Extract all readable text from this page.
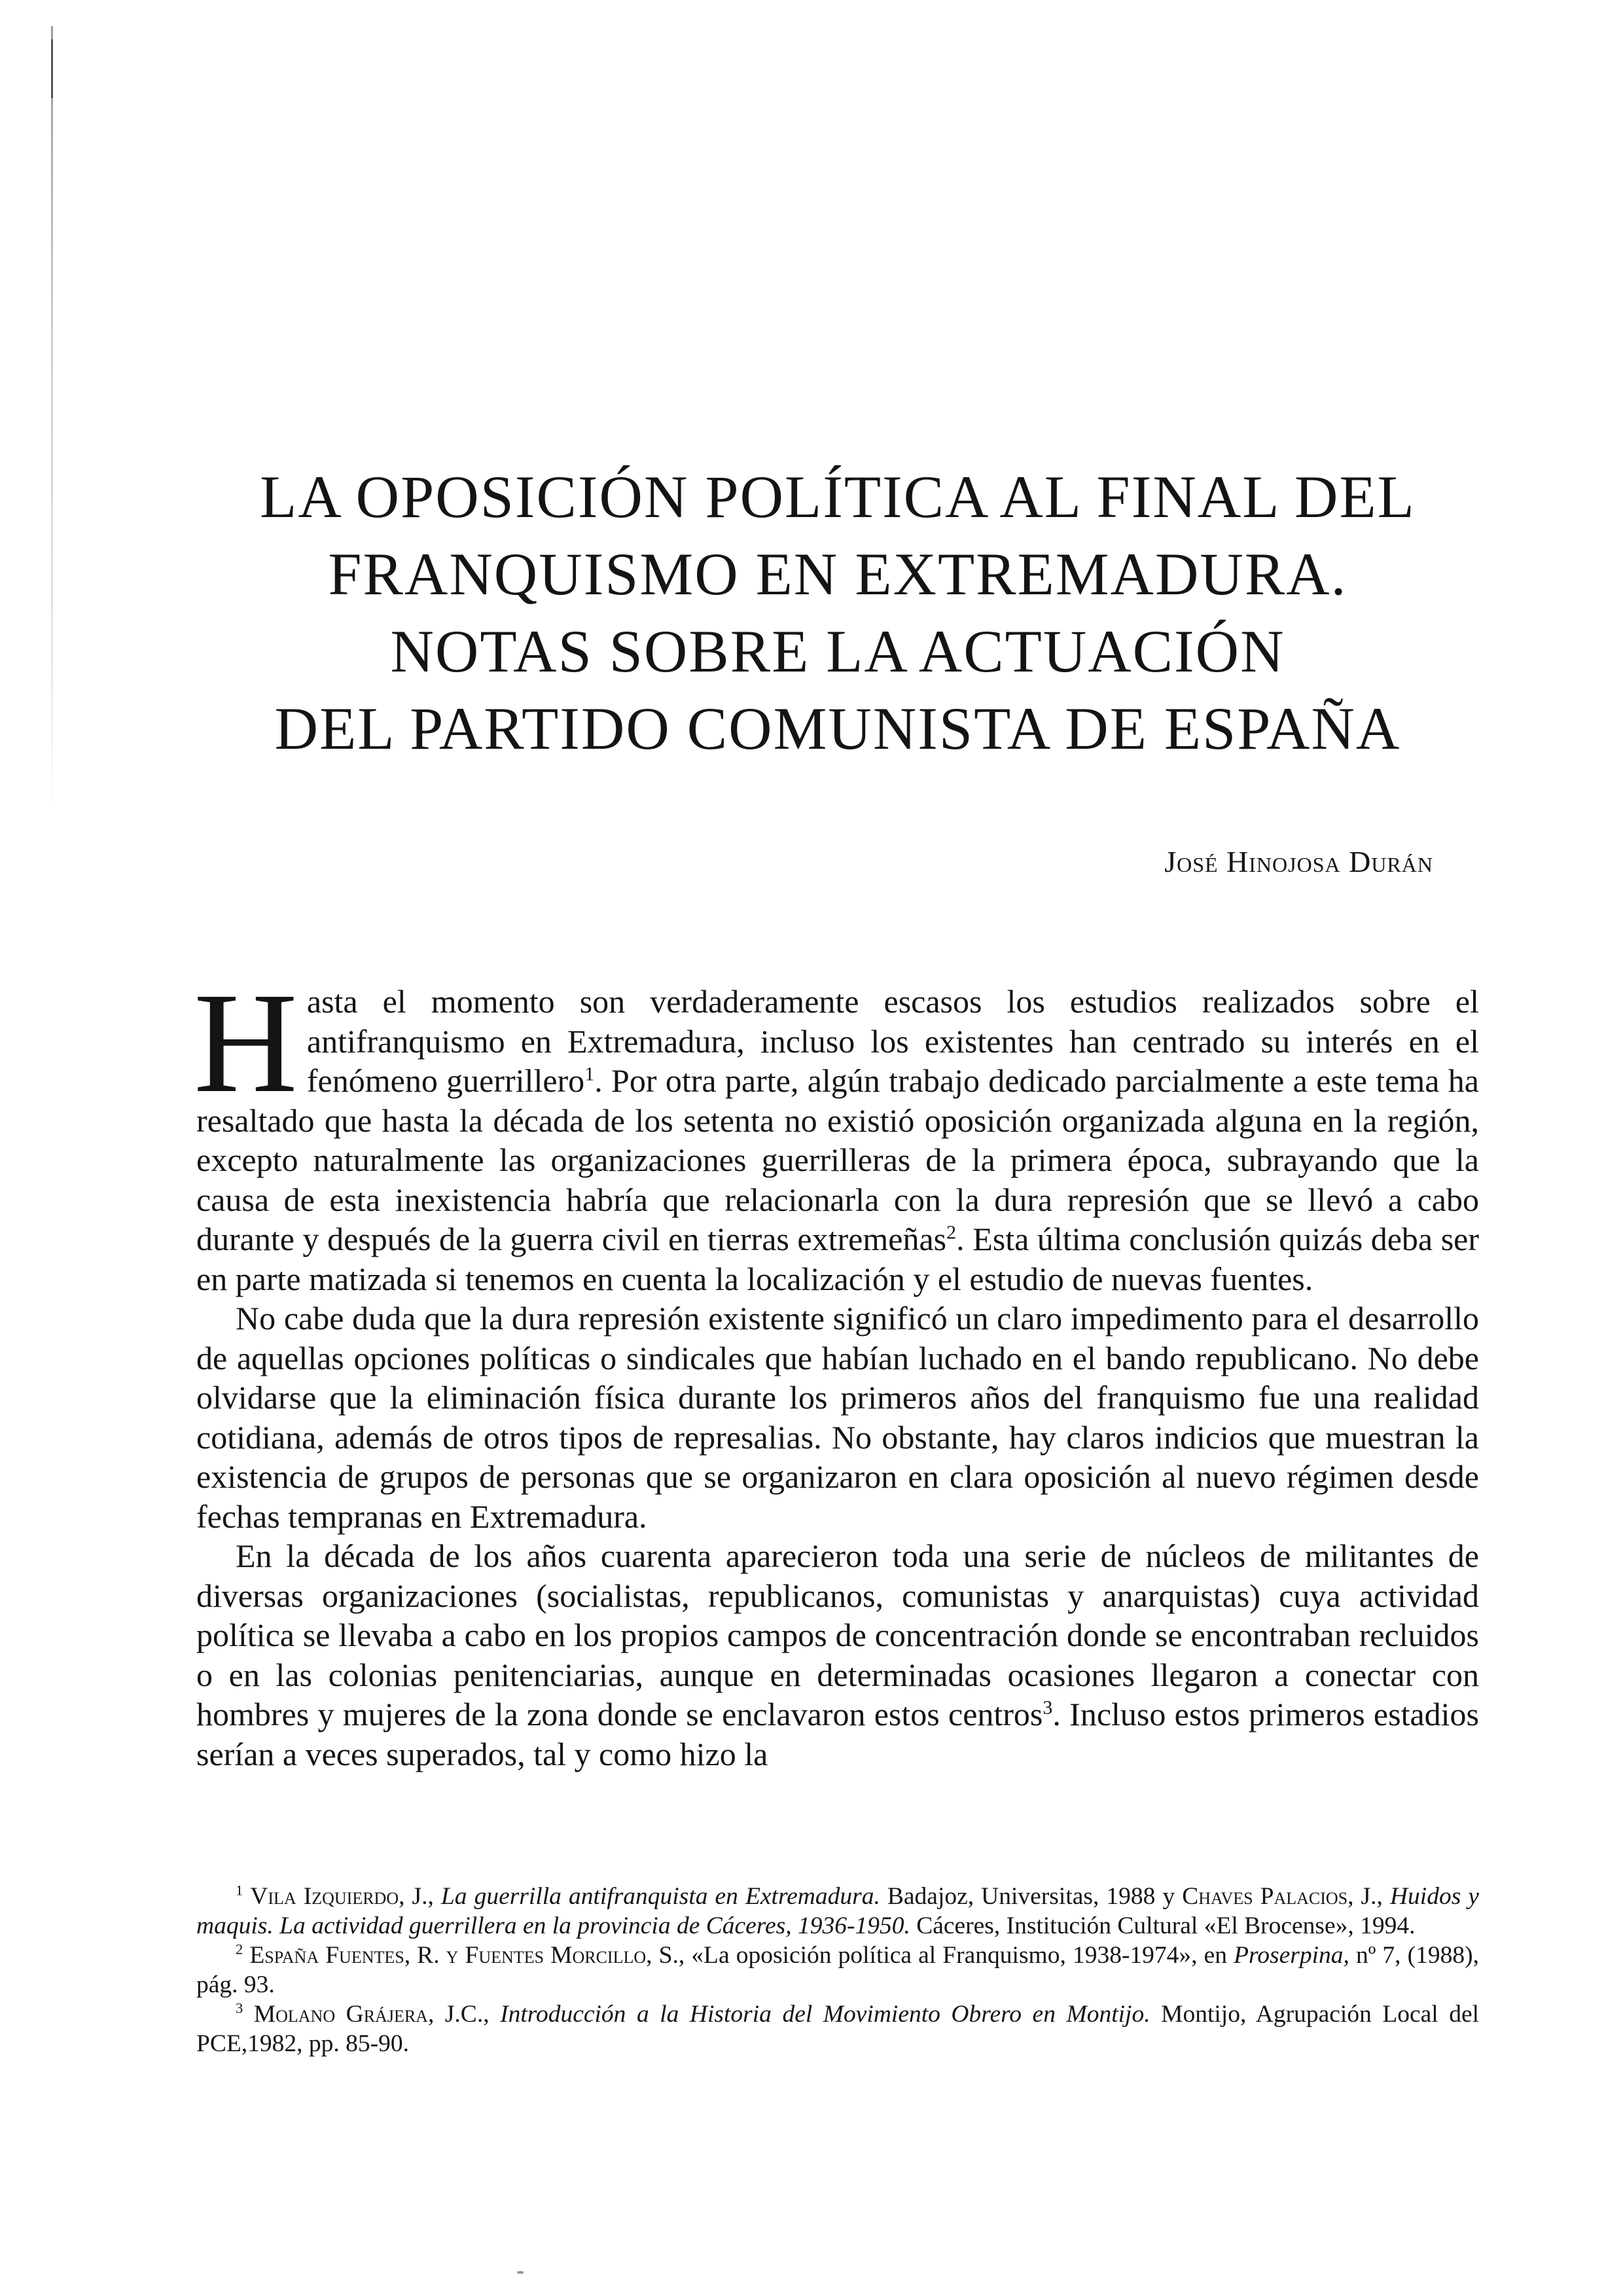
LA OPOSICIÓN POLÍTICA AL FINAL DEL
FRANQUISMO EN EXTREMADURA.
NOTAS SOBRE LA ACTUACIÓN
DEL PARTIDO COMUNISTA DE ESPAÑA

José Hinojosa Durán

Hasta el momento son verdaderamente escasos los estudios realizados sobre el antifranquismo en Extremadura, incluso los existentes han centrado su interés en el fenómeno guerrillero$^1$. Por otra parte, algún trabajo dedicado parcialmente a este tema ha resaltado que hasta la década de los setenta no existió oposición organizada alguna en la región, excepto naturalmente las organizaciones guerrilleras de la primera época, subrayando que la causa de esta inexistencia habría que relacionarla con la dura represión que se llevó a cabo durante y después de la guerra civil en tierras extremeñas$^2$. Esta última conclusión quizás deba ser en parte matizada si tenemos en cuenta la localización y el estudio de nuevas fuentes.

No cabe duda que la dura represión existente significó un claro impedimento para el desarrollo de aquellas opciones políticas o sindicales que habían luchado en el bando republicano. No debe olvidarse que la eliminación física durante los primeros años del franquismo fue una realidad cotidiana, además de otros tipos de represalias. No obstante, hay claros indicios que muestran la existencia de grupos de personas que se organizaron en clara oposición al nuevo régimen desde fechas tempranas en Extremadura.

En la década de los años cuarenta aparecieron toda una serie de núcleos de militantes de diversas organizaciones (socialistas, republicanos, comunistas y anarquistas) cuya actividad política se llevaba a cabo en los propios campos de concentración donde se encontraban recluidos o en las colonias penitenciarias, aunque en determinadas ocasiones llegaron a conectar con hombres y mujeres de la zona donde se enclavaron estos centros$^3$. Incluso estos primeros estadios serían a veces superados, tal y como hizo la

$^1$ Vila Izquierdo, J., La guerrilla antifranquista en Extremadura. Badajoz, Universitas, 1988 y Chaves Palacios, J., Huidos y maquis. La actividad guerrillera en la provincia de Cáceres, 1936-1950. Cáceres, Institución Cultural «El Brocense», 1994.

$^2$ España Fuentes, R. y Fuentes Morcillo, S., «La oposición política al Franquismo, 1938-1974», en Proserpina, nº 7, (1988), pág. 93.

$^3$ Molano Grájera, J.C., Introducción a la Historia del Movimiento Obrero en Montijo. Montijo, Agrupación Local del PCE,1982, pp. 85-90.
